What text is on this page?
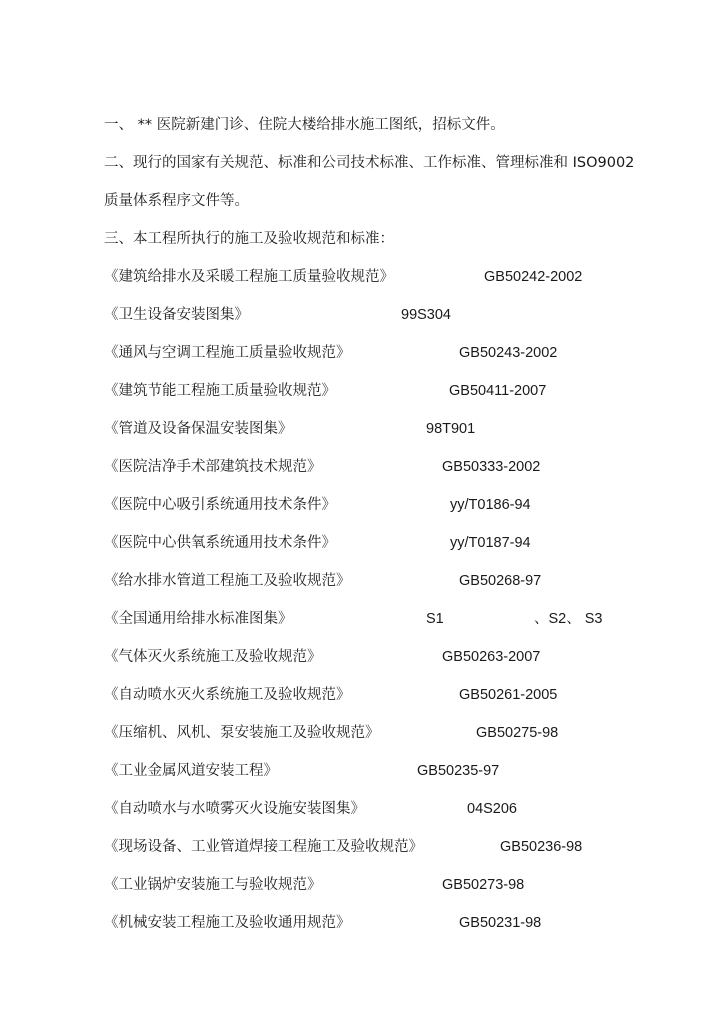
一、 ** 医院新建门诊、住院大楼给排水施工图纸，招标文件。
二、现行的国家有关规范、标准和公司技术标准、工作标准、管理标准和 ISO9002
质量体系程序文件等。
三、本工程所执行的施工及验收规范和标准：
《建筑给排水及采暖工程施工质量验收规范》	GB50242-2002
《卫生设备安装图集》	99S304
《通风与空调工程施工质量验收规范》	GB50243-2002
《建筑节能工程施工质量验收规范》	GB50411-2007
《管道及设备保温安装图集》	98T901
《医院洁净手术部建筑技术规范》	GB50333-2002
《医院中心吸引系统通用技术条件》	yy/T0186-94
《医院中心供氧系统通用技术条件》	yy/T0187-94
《给水排水管道工程施工及验收规范》	GB50268-97
《全国通用给排水标准图集》	S1	、S2、 S3
《气体灭火系统施工及验收规范》	GB50263-2007
《自动喷水灭火系统施工及验收规范》	GB50261-2005
《压缩机、风机、泵安装施工及验收规范》	GB50275-98
《工业金属风道安装工程》	GB50235-97
《自动喷水与水喷雾灭火设施安装图集》	04S206
《现场设备、工业管道焊接工程施工及验收规范》	GB50236-98
《工业锅炉安装施工与验收规范》	GB50273-98
《机械安装工程施工及验收通用规范》	GB50231-98
